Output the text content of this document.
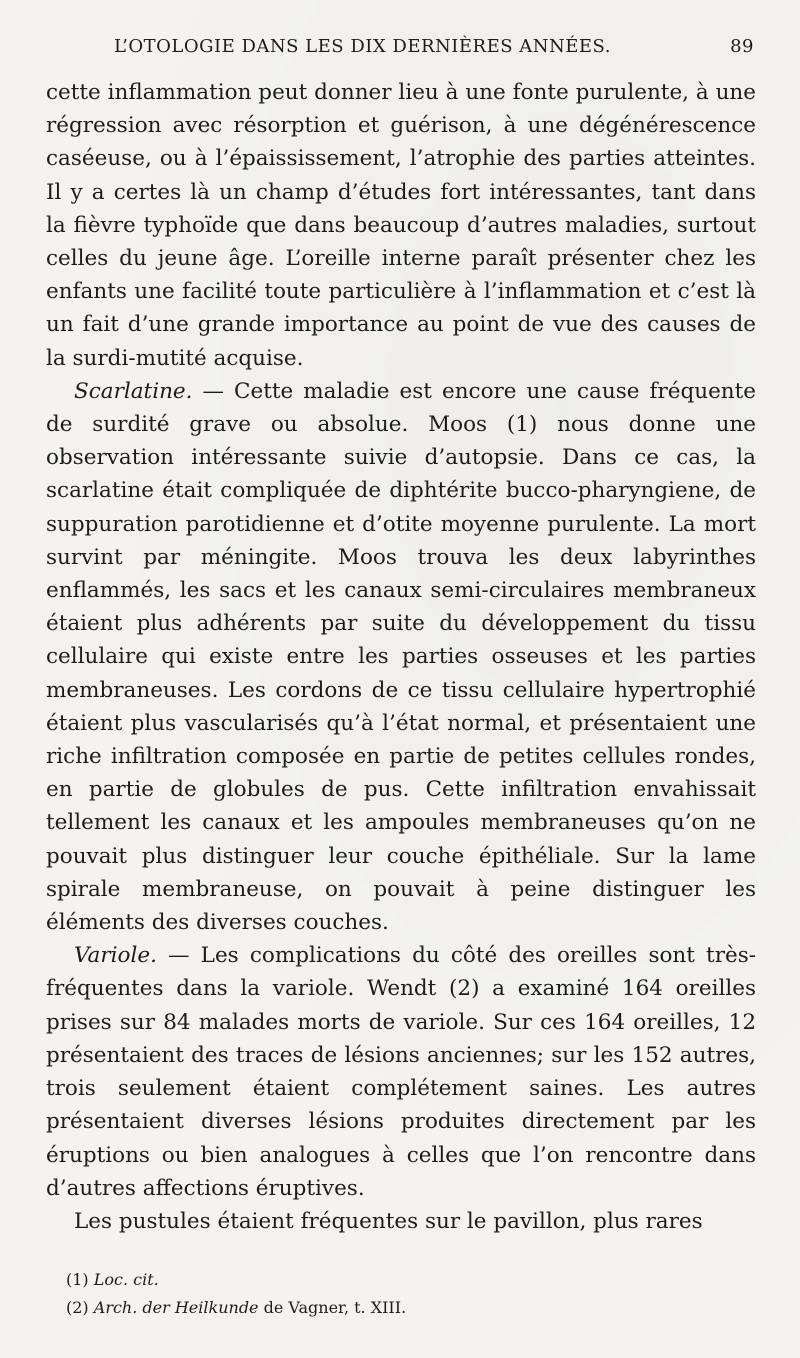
L’OTOLOGIE DANS LES DIX DERNIÈRES ANNÉES.	89

cette inflammation peut donner lieu à une fonte purulente, à une régression avec résorption et guérison, à une dégénérescence caséeuse, ou à l’épaississement, l’atrophie des parties atteintes. Il y a certes là un champ d’études fort intéressantes, tant dans la fièvre typhoïde que dans beaucoup d’autres maladies, surtout celles du jeune âge. L’oreille interne paraît présenter chez les enfants une facilité toute particulière à l’inflammation et c’est là un fait d’une grande importance au point de vue des causes de la surdi-mutité acquise.

Scarlatine. — Cette maladie est encore une cause fréquente de surdité grave ou absolue. Moos (1) nous donne une observation intéressante suivie d’autopsie. Dans ce cas, la scarlatine était compliquée de diphtérite bucco-pharyngiene, de suppuration parotidienne et d’otite moyenne purulente. La mort survint par méningite. Moos trouva les deux labyrinthes enflammés, les sacs et les canaux semi-circulaires membraneux étaient plus adhérents par suite du développement du tissu cellulaire qui existe entre les parties osseuses et les parties membraneuses. Les cordons de ce tissu cellulaire hypertrophié étaient plus vascularisés qu’à l’état normal, et présentaient une riche infiltration composée en partie de petites cellules rondes, en partie de globules de pus. Cette infiltration envahissait tellement les canaux et les ampoules membraneuses qu’on ne pouvait plus distinguer leur couche épithéliale. Sur la lame spirale membraneuse, on pouvait à peine distinguer les éléments des diverses couches.

Variole. — Les complications du côté des oreilles sont très-fréquentes dans la variole. Wendt (2) a examiné 164 oreilles prises sur 84 malades morts de variole. Sur ces 164 oreilles, 12 présentaient des traces de lésions anciennes; sur les 152 autres, trois seulement étaient complétement saines. Les autres présentaient diverses lésions produites directement par les éruptions ou bien analogues à celles que l’on rencontre dans d’autres affections éruptives.

Les pustules étaient fréquentes sur le pavillon, plus rares

(1) Loc. cit.
(2) Arch. der Heilkunde de Vagner, t. XIII.
